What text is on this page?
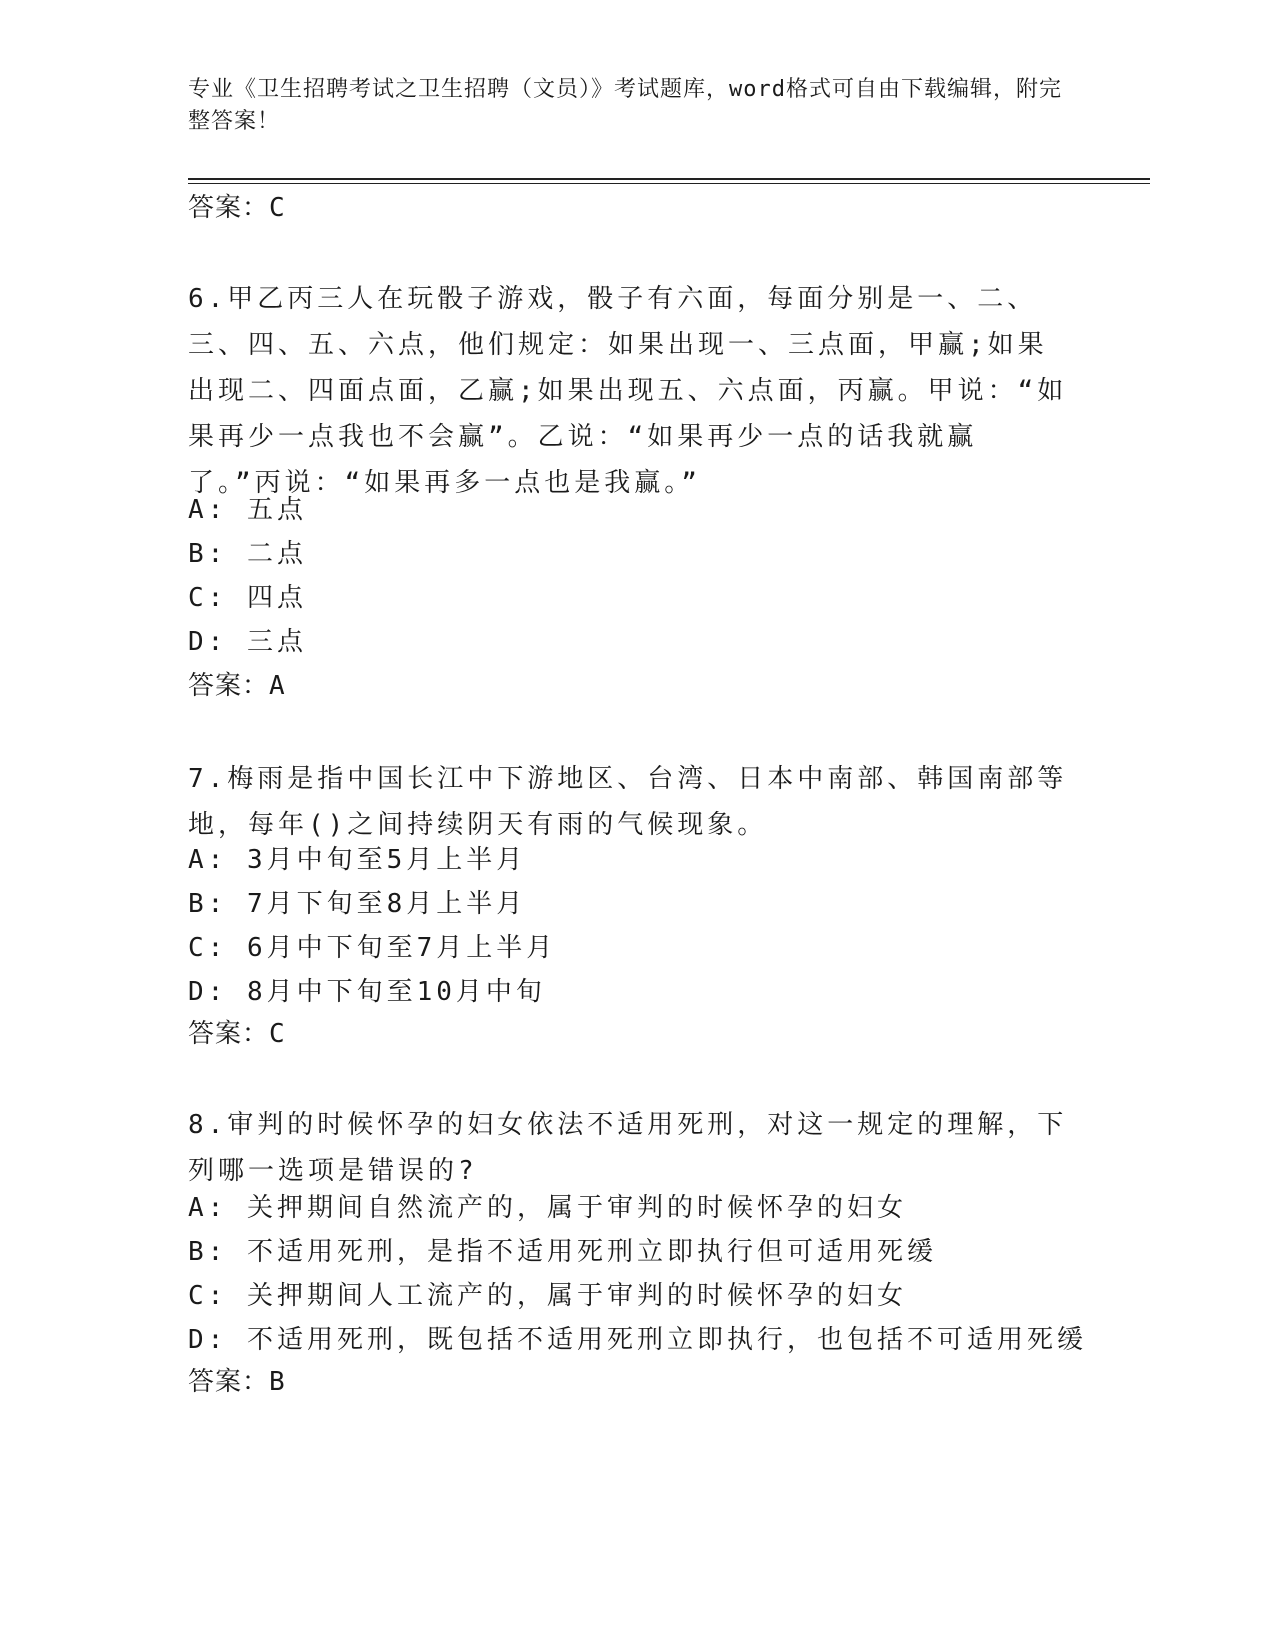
专业《卫生招聘考试之卫生招聘（文员）》考试题库，word格式可自由下载编辑，附完整答案！
答案：C
6.甲乙丙三人在玩骰子游戏，骰子有六面，每面分别是一、二、三、四、五、六点，他们规定：如果出现一、三点面，甲赢;如果出现二、四面点面，乙赢;如果出现五、六点面，丙赢。甲说：“如果再少一点我也不会赢”。乙说：“如果再少一点的话我就赢了。”丙说：“如果再多一点也是我赢。”
A: 五点
B: 二点
C: 四点
D: 三点
答案：A
7.梅雨是指中国长江中下游地区、台湾、日本中南部、韩国南部等地，每年()之间持续阴天有雨的气候现象。
A: 3月中旬至5月上半月
B: 7月下旬至8月上半月
C: 6月中下旬至7月上半月
D: 8月中下旬至10月中旬
答案：C
8.审判的时候怀孕的妇女依法不适用死刑，对这一规定的理解，下列哪一选项是错误的?
A: 关押期间自然流产的，属于审判的时候怀孕的妇女
B: 不适用死刑，是指不适用死刑立即执行但可适用死缓
C: 关押期间人工流产的，属于审判的时候怀孕的妇女
D: 不适用死刑，既包括不适用死刑立即执行，也包括不可适用死缓
答案：B
